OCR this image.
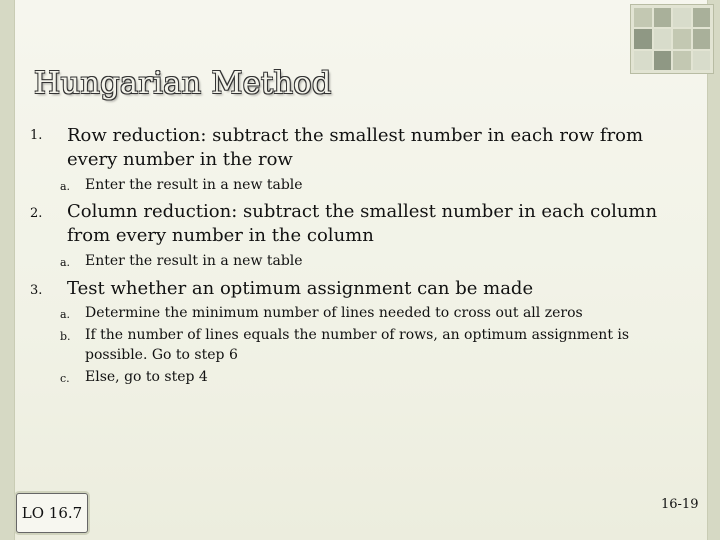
Hungarian Method
1. Row reduction: subtract the smallest number in each row from every number in the row
a. Enter the result in a new table
2. Column reduction: subtract the smallest number in each column from every number in the column
a. Enter the result in a new table
3. Test whether an optimum assignment can be made
a. Determine the minimum number of lines needed to cross out all zeros
b. If the number of lines equals the number of rows, an optimum assignment is possible. Go to step 6
c. Else, go to step 4
LO 16.7	16-19
